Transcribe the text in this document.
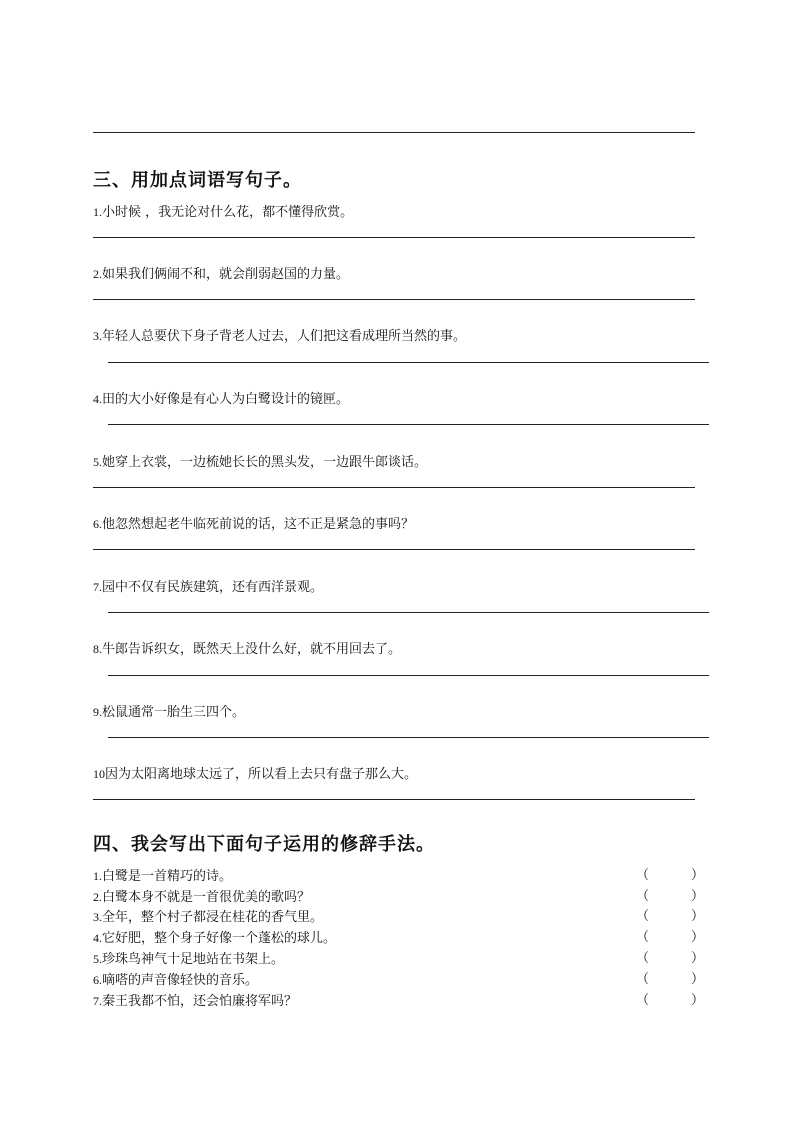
三、用加点词语写句子。
1.小时候 ，我无论对什么花，都不懂得欣赏。
2.如果我们俩闹不和，就会削弱赵国的力量。
3.年轻人总要伏下身子背老人过去，人们把这看成理所当然的事。
4.田的大小好像是有心人为白鹭设计的镜匣。
5.她穿上衣裳，一边梳她长长的黑头发，一边跟牛郎谈话。
6.他忽然想起老牛临死前说的话，这不正是紧急的事吗？
7.园中不仅有民族建筑，还有西洋景观。
8.牛郎告诉织女，既然天上没什么好，就不用回去了。
9.松鼠通常一胎生三四个。
10因为太阳离地球太远了，所以看上去只有盘子那么大。
四、我会写出下面句子运用的修辞手法。
1.白鹭是一首精巧的诗。	（	）
2.白鹭本身不就是一首很优美的歌吗？	（	）
3.全年，整个村子都浸在桂花的香气里。	（	）
4.它好肥，整个身子好像一个蓬松的球儿。	（	）
5.珍珠鸟神气十足地站在书架上。	（	）
6.嘀嗒的声音像轻快的音乐。	（	）
7.秦王我都不怕，还会怕廉将军吗？	（	）
